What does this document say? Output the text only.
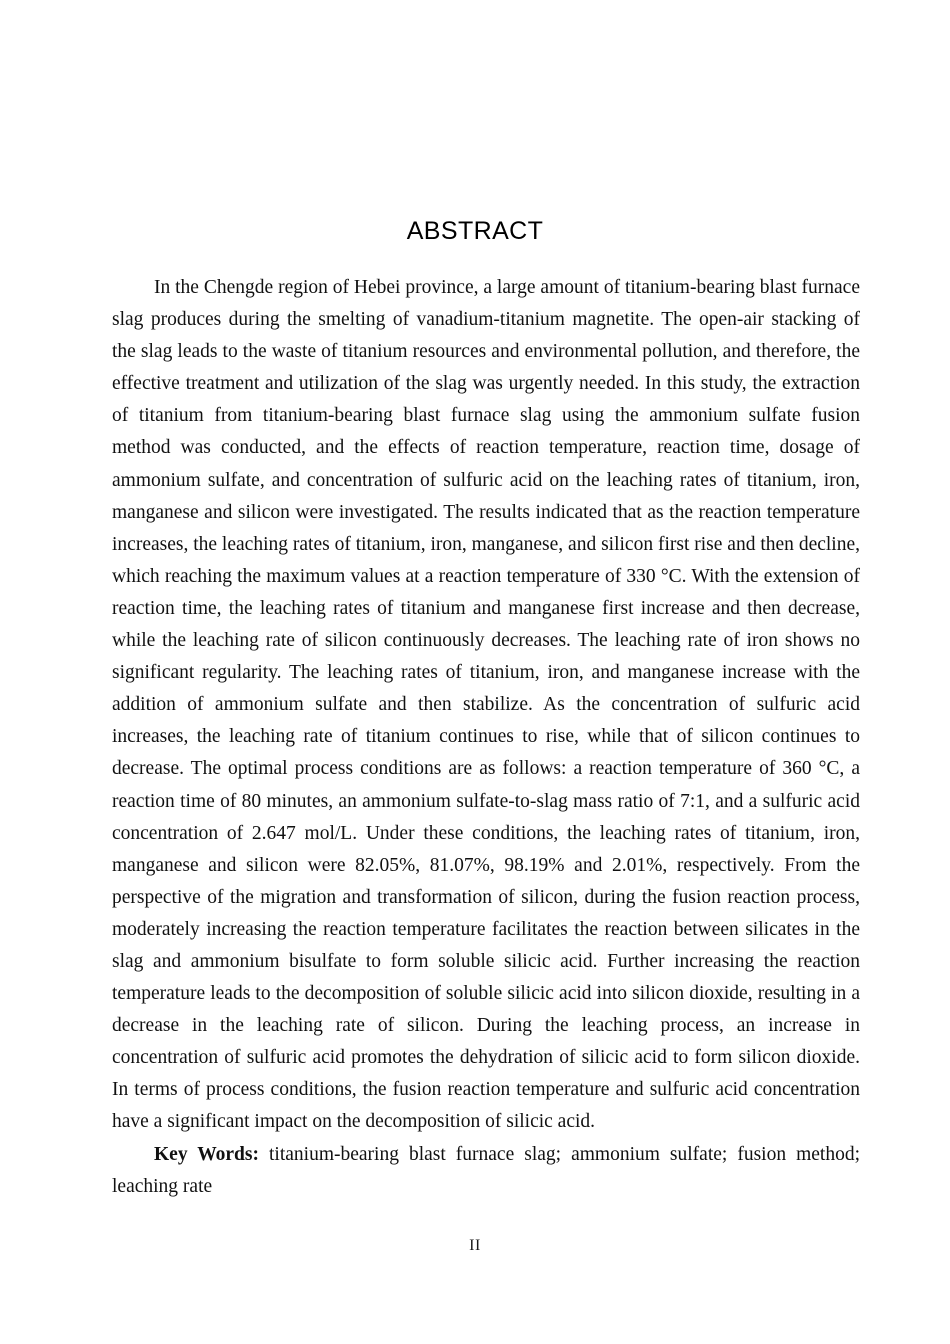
ABSTRACT

In the Chengde region of Hebei province, a large amount of titanium-bearing blast furnace slag produces during the smelting of vanadium-titanium magnetite. The open-air stacking of the slag leads to the waste of titanium resources and environmental pollution, and therefore, the effective treatment and utilization of the slag was urgently needed. In this study, the extraction of titanium from titanium-bearing blast furnace slag using the ammonium sulfate fusion method was conducted, and the effects of reaction temperature, reaction time, dosage of ammonium sulfate, and concentration of sulfuric acid on the leaching rates of titanium, iron, manganese and silicon were investigated. The results indicated that as the reaction temperature increases, the leaching rates of titanium, iron, manganese, and silicon first rise and then decline, which reaching the maximum values at a reaction temperature of 330 °C. With the extension of reaction time, the leaching rates of titanium and manganese first increase and then decrease, while the leaching rate of silicon continuously decreases. The leaching rate of iron shows no significant regularity. The leaching rates of titanium, iron, and manganese increase with the addition of ammonium sulfate and then stabilize. As the concentration of sulfuric acid increases, the leaching rate of titanium continues to rise, while that of silicon continues to decrease. The optimal process conditions are as follows: a reaction temperature of 360 °C, a reaction time of 80 minutes, an ammonium sulfate-to-slag mass ratio of 7:1, and a sulfuric acid concentration of 2.647 mol/L. Under these conditions, the leaching rates of titanium, iron, manganese and silicon were 82.05%, 81.07%, 98.19% and 2.01%, respectively. From the perspective of the migration and transformation of silicon, during the fusion reaction process, moderately increasing the reaction temperature facilitates the reaction between silicates in the slag and ammonium bisulfate to form soluble silicic acid. Further increasing the reaction temperature leads to the decomposition of soluble silicic acid into silicon dioxide, resulting in a decrease in the leaching rate of silicon. During the leaching process, an increase in concentration of sulfuric acid promotes the dehydration of silicic acid to form silicon dioxide. In terms of process conditions, the fusion reaction temperature and sulfuric acid concentration have a significant impact on the decomposition of silicic acid.

Key Words: titanium-bearing blast furnace slag; ammonium sulfate; fusion method; leaching rate

II
